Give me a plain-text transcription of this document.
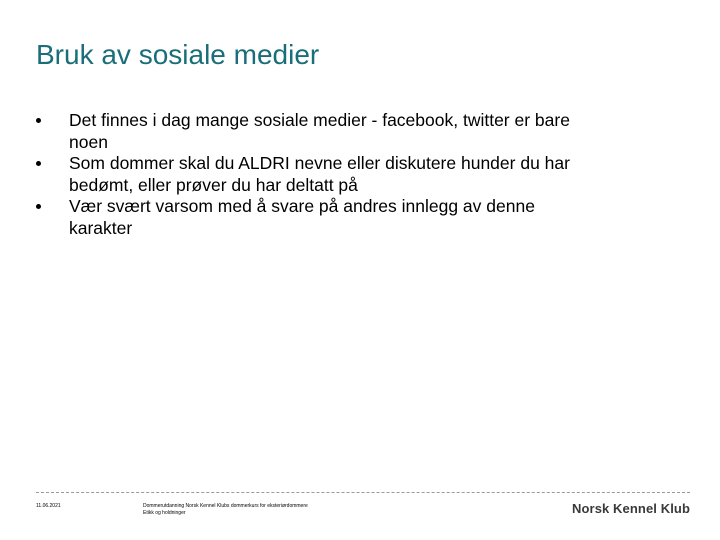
Bruk av sosiale medier
Det finnes i dag mange sosiale medier - facebook, twitter er bare noen
Som dommer skal du ALDRI nevne eller diskutere hunder du har bedømt, eller prøver du har deltatt på
Vær svært varsom med å svare på andres innlegg av denne karakter
11.06.2021	Dommerutdanning Norsk Kennel Klubs dommerkurs for eksteriørdommere
Etikk og holdninger	Norsk Kennel Klub
